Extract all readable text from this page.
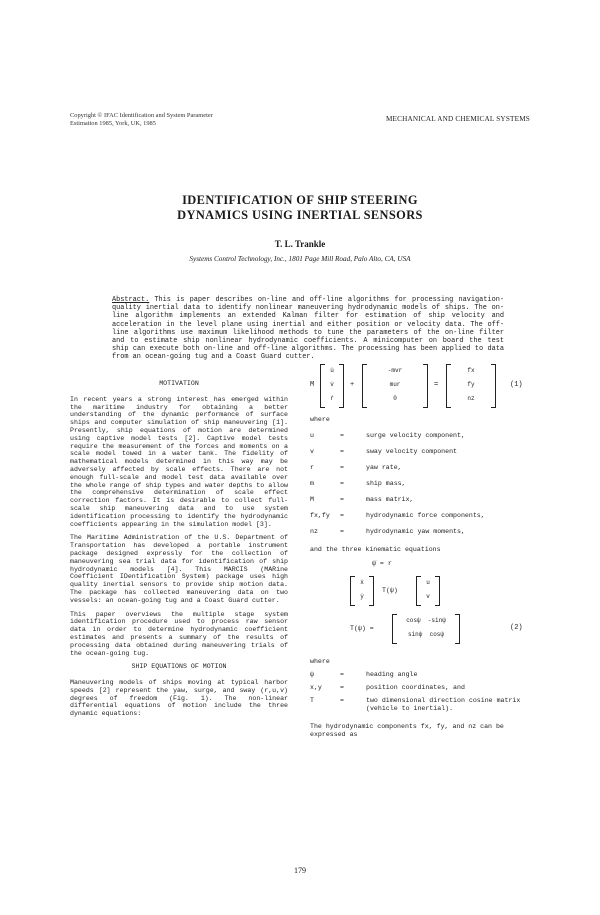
Copyright © IFAC Identification and System Parameter
Estimation 1985, York, UK, 1985
MECHANICAL AND CHEMICAL SYSTEMS
IDENTIFICATION OF SHIP STEERING
DYNAMICS USING INERTIAL SENSORS
T. L. Trankle
Systems Control Technology, Inc., 1801 Page Mill Road, Palo Alto, CA, USA
Abstract. This is paper describes on-line and off-line algorithms for processing navigation-quality inertial data to identify nonlinear maneuvering hydrodynamic models of ships. The on-line algorithm implements an extended Kalman filter for estimation of ship velocity and acceleration in the level plane using inertial and either position or velocity data. The off-line algorithms use maximum likelihood methods to tune the parameters of the on-line filter and to estimate ship nonlinear hydrodynamic coefficients. A minicomputer on board the test ship can execute both on-line and off-line algorithms. The processing has been applied to data from an ocean-going tug and a Coast Guard cutter.
MOTIVATION

In recent years a strong interest has emerged within the maritime industry for obtaining a better understanding of the dynamic performance of surface ships and computer simulation of ship maneuvering [1]. Presently, ship equations of motion are determined using captive model tests [2]. Captive model tests require the measurement of the forces and moments on a scale model towed in a water tank. The fidelity of mathematical models determined in this way may be adversely affected by scale effects. There are not enough full-scale and model test data available over the whole range of ship types and water depths to allow the comprehensive determination of scale effect correction factors. It is desirable to collect full-scale ship maneuvering data and to use system identification processing to identify the hydrodynamic coefficients appearing in the simulation model [3].

The Maritime Administration of the U.S. Department of Transportation has developed a portable instrument package designed expressly for the collection of maneuvering sea trial data for identification of ship hydrodynamic models [4]. This MARCIS (MARine Coefficient IDentification System) package uses high quality inertial sensors to provide ship motion data. The package has collected maneuvering data on two vessels: an ocean-going tug and a Coast Guard cutter.

This paper overviews the multiple stage system identification procedure used to process raw sensor data in order to determine hydrodynamic coefficient estimates and presents a summary of the results of processing data obtained during maneuvering trials of the ocean-going tug.

SHIP EQUATIONS OF MOTION

Maneuvering models of ships moving at typical harbor speeds [2] represent the yaw, surge, and sway (r,u,v) degrees of freedom (Fig. 1). The non-linear differential equations of motion include the three dynamic equations:

M
u̇
v̇
ṙ
+
-mvr
mur
0
=
fx
fy
nz
(1)
where
u	=	surge velocity component,
v	=	sway velocity component
r	=	yaw rate,
m	=	ship mass,
M	=	mass matrix,
fx,fy =	hydrodynamic force components,
nz	=	hydrodynamic yaw moments,
and the three kinematic equations
ψ̇ = r
ẋ
ẏ
T(ψ)
u
v
T(ψ) =
cosψ -sinψ
sinψ cosψ
(2)
where
ψ	=	heading angle
x,y	=	position coordinates, and
T	=	two dimensional direction cosine matrix (vehicle to inertial).
The hydrodynamic components fx, fy, and nz can be expressed as
179
